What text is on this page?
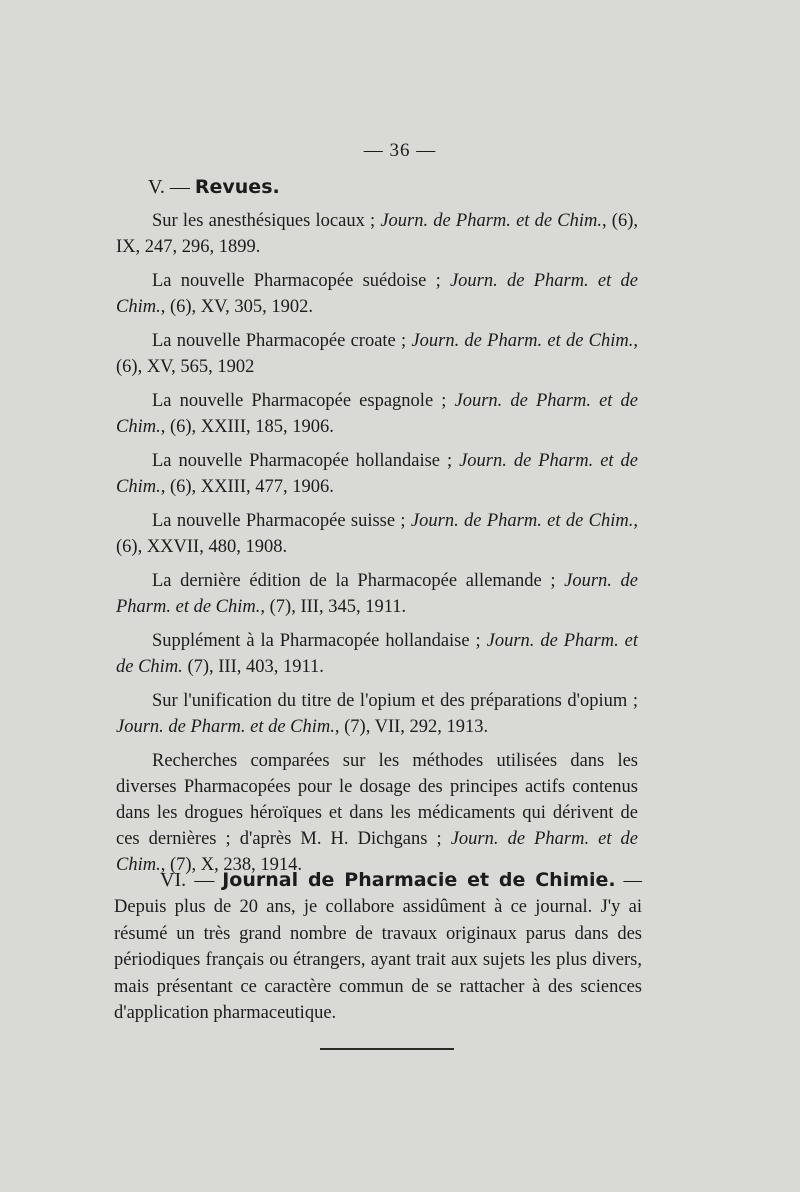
— 36 —
V. — Revues.

Sur les anesthésiques locaux ; Journ. de Pharm. et de Chim., (6), IX, 247, 296, 1899.

La nouvelle Pharmacopée suédoise ; Journ. de Pharm. et de Chim., (6), XV, 305, 1902.

La nouvelle Pharmacopée croate ; Journ. de Pharm. et de Chim.,(6), XV, 565, 1902

La nouvelle Pharmacopée espagnole ; Journ. de Pharm. et de Chim., (6), XXIII, 185, 1906.

La nouvelle Pharmacopée hollandaise ; Journ. de Pharm. et de Chim., (6), XXIII, 477, 1906.

La nouvelle Pharmacopée suisse ; Journ. de Pharm. et de Chim., (6), XXVII, 480, 1908.

La dernière édition de la Pharmacopée allemande ; Journ. de Pharm. et de Chim., (7), III, 345, 1911.

Supplément à la Pharmacopée hollandaise ; Journ. de Pharm. et de Chim. (7), III, 403, 1911.

Sur l'unification du titre de l'opium et des préparations d'opium ; Journ. de Pharm. et de Chim., (7), VII, 292, 1913.

Recherches comparées sur les méthodes utilisées dans les diverses Pharmacopées pour le dosage des principes actifs contenus dans les drogues héroïques et dans les médicaments qui dérivent de ces dernières ; d'après M. H. Dichgans ; Journ. de Pharm. et de Chim., (7), X, 238, 1914.

VI. — Journal de Pharmacie et de Chimie. — Depuis plus de 20 ans, je collabore assidûment à ce journal. J'y ai résumé un très grand nombre de travaux originaux parus dans des périodiques français ou étrangers, ayant trait aux sujets les plus divers, mais présentant ce caractère commun de se rattacher à des sciences d'application pharmaceutique.
